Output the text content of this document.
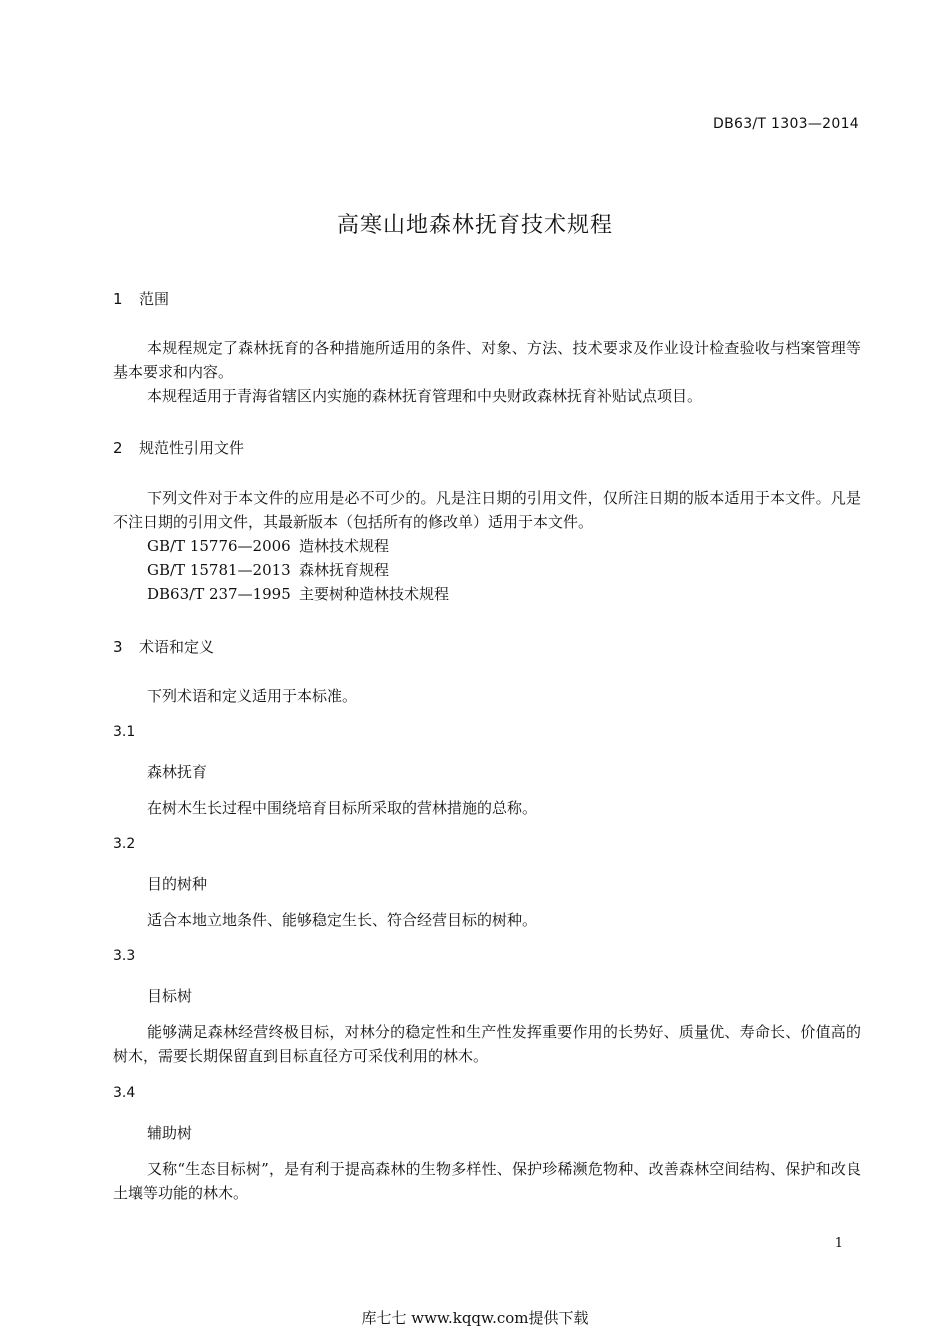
DB63/T 1303—2014
高寒山地森林抚育技术规程
1 范围
本规程规定了森林抚育的各种措施所适用的条件、对象、方法、技术要求及作业设计检查验收与档案管理等基本要求和内容。
本规程适用于青海省辖区内实施的森林抚育管理和中央财政森林抚育补贴试点项目。
2 规范性引用文件
下列文件对于本文件的应用是必不可少的。凡是注日期的引用文件，仅所注日期的版本适用于本文件。凡是不注日期的引用文件，其最新版本（包括所有的修改单）适用于本文件。
GB/T 15776—2006 造林技术规程
GB/T 15781—2013 森林抚育规程
DB63/T 237—1995 主要树种造林技术规程
3 术语和定义
下列术语和定义适用于本标准。
3.1
森林抚育
在树木生长过程中围绕培育目标所采取的营林措施的总称。
3.2
目的树种
适合本地立地条件、能够稳定生长、符合经营目标的树种。
3.3
目标树
能够满足森林经营终极目标，对林分的稳定性和生产性发挥重要作用的长势好、质量优、寿命长、价值高的树木，需要长期保留直到目标直径方可采伐利用的林木。
3.4
辅助树
又称“生态目标树”，是有利于提高森林的生物多样性、保护珍稀濒危物种、改善森林空间结构、保护和改良土壤等功能的林木。
1
库七七 www.kqqw.com提供下载
